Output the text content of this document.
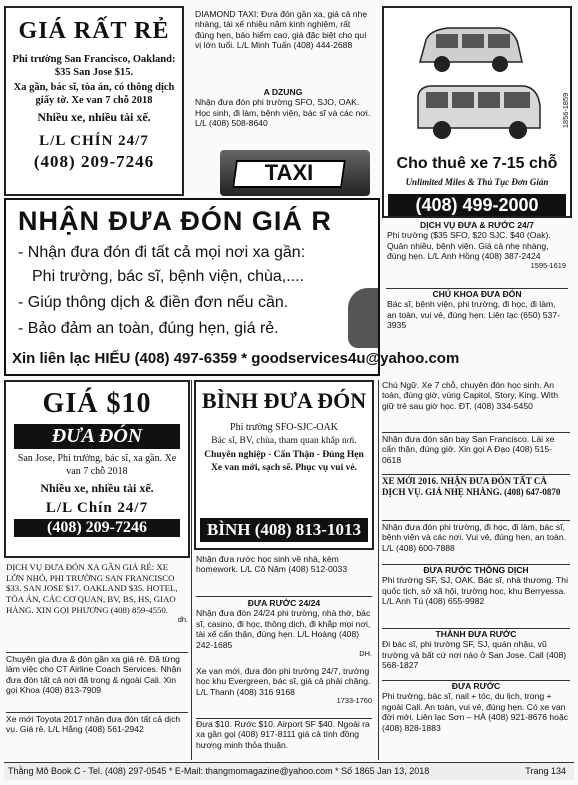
GIÁ RẤT RẺ
Phi trường San Francisco, Oakland: $35 San Jose $15.
Xa gần, bác sĩ, tòa án, có thông dịch giấy tờ. Xe van 7 chỗ 2018
Nhiều xe, nhiều tài xế.
L/L CHÍN 24/7
(408) 209-7246
DIAMOND TAXI: Đưa đón gần xa, giá cả nhẹ nhàng, tài xế nhiều năm kinh nghiệm, rất đúng hẹn, bảo hiểm cao, giá đặc biệt cho quí vị lớn tuổi. L/L Minh Tuấn (408) 444-2688
A DZUNG
Nhận đưa đón phi trường SFO, SJO, OAK. Học sinh, đi làm, bệnh viện, bác sĩ và các nơi. L/L (408) 508-8640
TAXI
1856-1859
Cho thuê xe 7-15 chỗ
Unlimited Miles & Thủ Tục Đơn Giản
(408) 499-2000
DỊCH VỤ ĐƯA & RƯỚC 24/7
Phi trường ($35 SFO, $20 SJC. $40 (Oak). Quản nhiều, bệnh viện. Giá cả nhẹ nhàng, đúng hẹn. L/L Anh Hồng (408) 387-2424
1595-1619
CHÚ KHOA ĐƯA ĐÓN
Bác sĩ, bệnh viện, phi trường, đi học, đi làm, an toàn, vui vẻ, đúng hẹn. Liên lạc (650) 537-3935
NHẬN ĐƯA ĐÓN GIÁ R
- Nhận đưa đón đi tất cả mọi nơi xa gần:
Phi trường, bác sĩ, bệnh viện, chùa,....
- Giúp thông dịch & điền đơn nếu cần.
- Bảo đảm an toàn, đúng hẹn, giá rẻ.
Xin liên lạc HIẾU (408) 497-6359 * goodservices4u@yahoo.com
GIÁ $10
ĐƯA ĐÓN
San Jose, Phi trường, bác sĩ, xa gần. Xe van 7 chỗ 2018
Nhiều xe, nhiều tài xế.
L/L Chín 24/7
(408) 209-7246
DỊCH VỤ ĐƯA ĐÓN XA GẦN GIÁ RẺ: XE LỚN NHỎ, PHI TRƯỜNG SAN FRANCISCO $33. SAN JOSE $17. OAKLAND $35. HOTEL, TÒA ÁN, CÁC CƠ QUAN, BV, BS, HS, GIAO HÀNG. XIN GỌI PHƯƠNG (408) 859-4550.
dh.
Chuyên gia đưa & đón gần xa giá rẻ. Đã từng làm việc cho CT Airline Coach Services. Nhận đưa đón tất cả nơi đã trong & ngoài Cali. Xin gọi Khoa (408) 813-7909
Xe mới Toyota 2017 nhận đưa đón tất cả dịch vụ. Giá rẻ. L/L Hằng (408) 561-2942
BÌNH ĐƯA ĐÓN
Phi trường SFO-SJC-OAK
Bác sĩ, BV, chùa, tham quan khắp nơi.
Chuyên nghiệp - Cẩn Thận - Đúng Hẹn
Xe van mới, sạch sẽ. Phục vụ vui vẻ.
BÌNH (408) 813-1013
Nhận đưa rước học sinh về nhà, kèm homework. L/L Cô Năm (408) 512-0033
ĐƯA RƯỚC 24/24
Nhận đưa đón 24/24 phi trường, nhà thờ, bác sĩ, casino, đi học, thông dịch, đi khắp mọi nơi, tài xế cẩn thận, đúng hẹn. L/L Hoàng (408) 242-1685
DH.
Xe van mới, đưa đón phi trường 24/7, trường học khu Evergreen, bác sĩ, giá cả phải chăng. L/L Thanh (408) 316 9168
1733-1760
Đưa $10. Rước $10. Airport SF $40. Ngoài ra xa gần gọi (408) 917-8111 giá cả tình đồng hương minh thỏa thuận.
Chú Ngữ. Xe 7 chỗ, chuyên đón học sinh. An toàn, đúng giờ, vùng Capitol, Story, King. With giữ trẻ sau giờ học. ĐT. (408) 334-5450
Nhận đưa đón sân bay San Francisco. Lái xe cẩn thận, đúng giờ. Xin gọi A Đạo (408) 515-0618
XE MỚI 2016. NHẬN ĐƯA ĐÓN TẤT CẢ DỊCH VỤ. GIÁ NHẸ NHÀNG. (408) 647-0870
Nhận đưa đón phi trường, đi học, đi làm, bác sĩ, bệnh viện và các nơi. Vui vẻ, đúng hẹn, an toàn. L/L (408) 600-7888
ĐƯA RƯỚC THÔNG DỊCH
Phi trường SF, SJ, OAK. Bác sĩ, nhà thương. Thi quốc tịch, sở xã hội, trường học, khu Berryessa. L/L Anh Tú (408) 655-9982
THÀNH ĐƯA RƯỚC
Đi bác sĩ, phi trường SF, SJ, quán nhậu, vũ trường và bất cứ nơi nào ở San Jose. Call (408) 568-1827
ĐƯA RƯỚC
Phi trường, bác sĩ, nail + tóc, du lịch, trong + ngoài Cali. An toàn, vui vẻ, đúng hẹn. Có xe van đời mới. Liên lạc Sơn – HÀ (408) 921-8676 hoặc (408) 828-1883
Thằng Mõ Book C - Tel. (408) 297-0545 * E-Mail: thangmomagazine@yahoo.com * Số 1865 Jan 13, 2018	Trang 134
